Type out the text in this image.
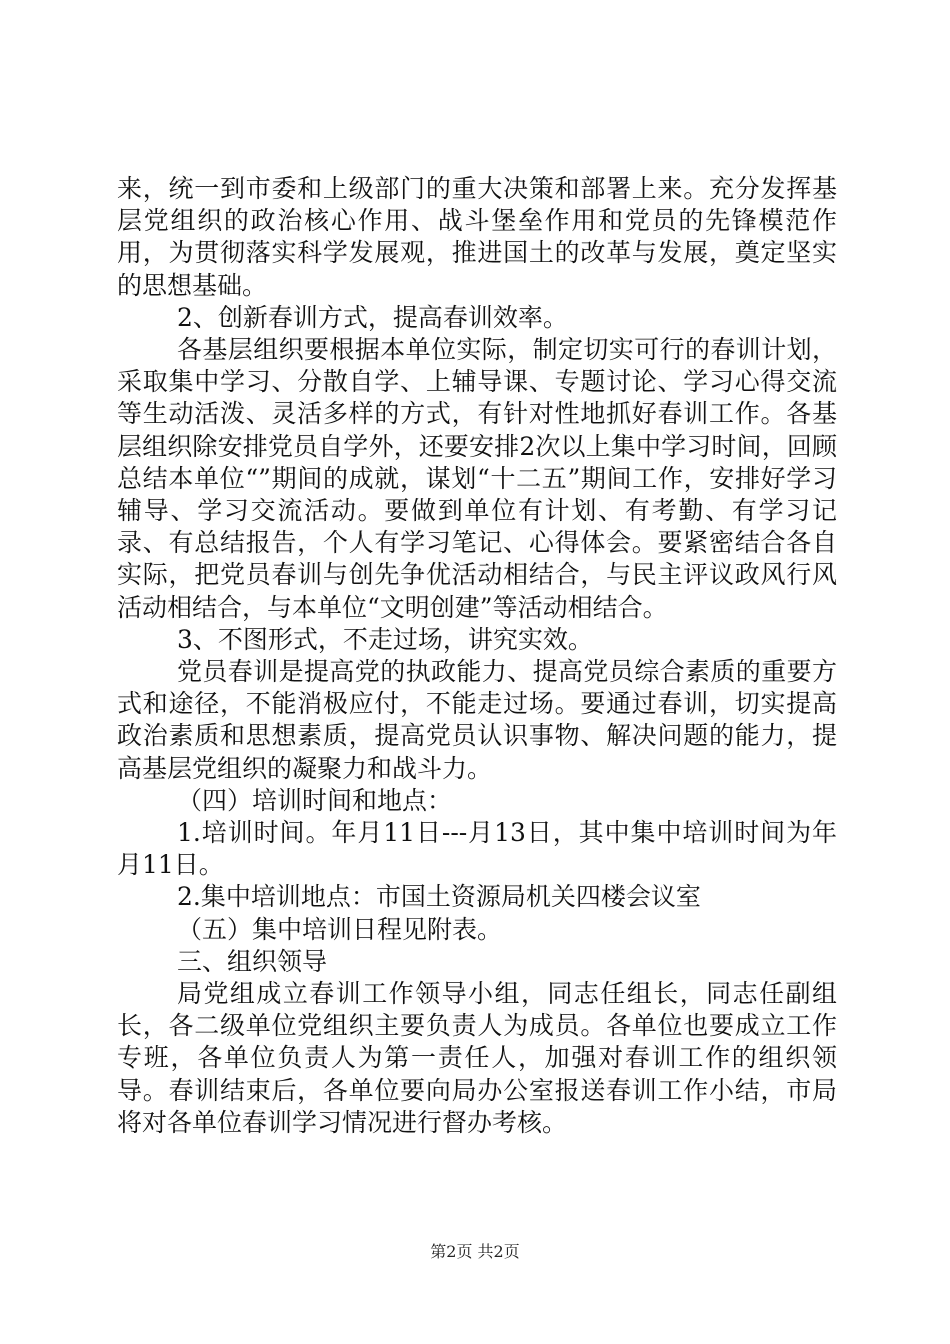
来，统一到市委和上级部门的重大决策和部署上来。充分发挥基层党组织的政治核心作用、战斗堡垒作用和党员的先锋模范作用，为贯彻落实科学发展观，推进国土的改革与发展，奠定坚实的思想基础。

2、创新春训方式，提高春训效率。

各基层组织要根据本单位实际，制定切实可行的春训计划，采取集中学习、分散自学、上辅导课、专题讨论、学习心得交流等生动活泼、灵活多样的方式，有针对性地抓好春训工作。各基层组织除安排党员自学外，还要安排2次以上集中学习时间，回顾总结本单位“”期间的成就，谋划“十二五”期间工作，安排好学习辅导、学习交流活动。要做到单位有计划、有考勤、有学习记录、有总结报告，个人有学习笔记、心得体会。要紧密结合各自实际，把党员春训与创先争优活动相结合，与民主评议政风行风活动相结合，与本单位“文明创建”等活动相结合。

3、不图形式，不走过场，讲究实效。

党员春训是提高党的执政能力、提高党员综合素质的重要方式和途径，不能消极应付，不能走过场。要通过春训，切实提高政治素质和思想素质，提高党员认识事物、解决问题的能力，提高基层党组织的凝聚力和战斗力。

（四）培训时间和地点：

1.培训时间。年月11日---月13日，其中集中培训时间为年月11日。

2.集中培训地点：市国土资源局机关四楼会议室

（五）集中培训日程见附表。

三、组织领导

局党组成立春训工作领导小组，同志任组长，同志任副组长，各二级单位党组织主要负责人为成员。各单位也要成立工作专班，各单位负责人为第一责任人，加强对春训工作的组织领导。春训结束后，各单位要向局办公室报送春训工作小结，市局将对各单位春训学习情况进行督办考核。

第2页 共2页
